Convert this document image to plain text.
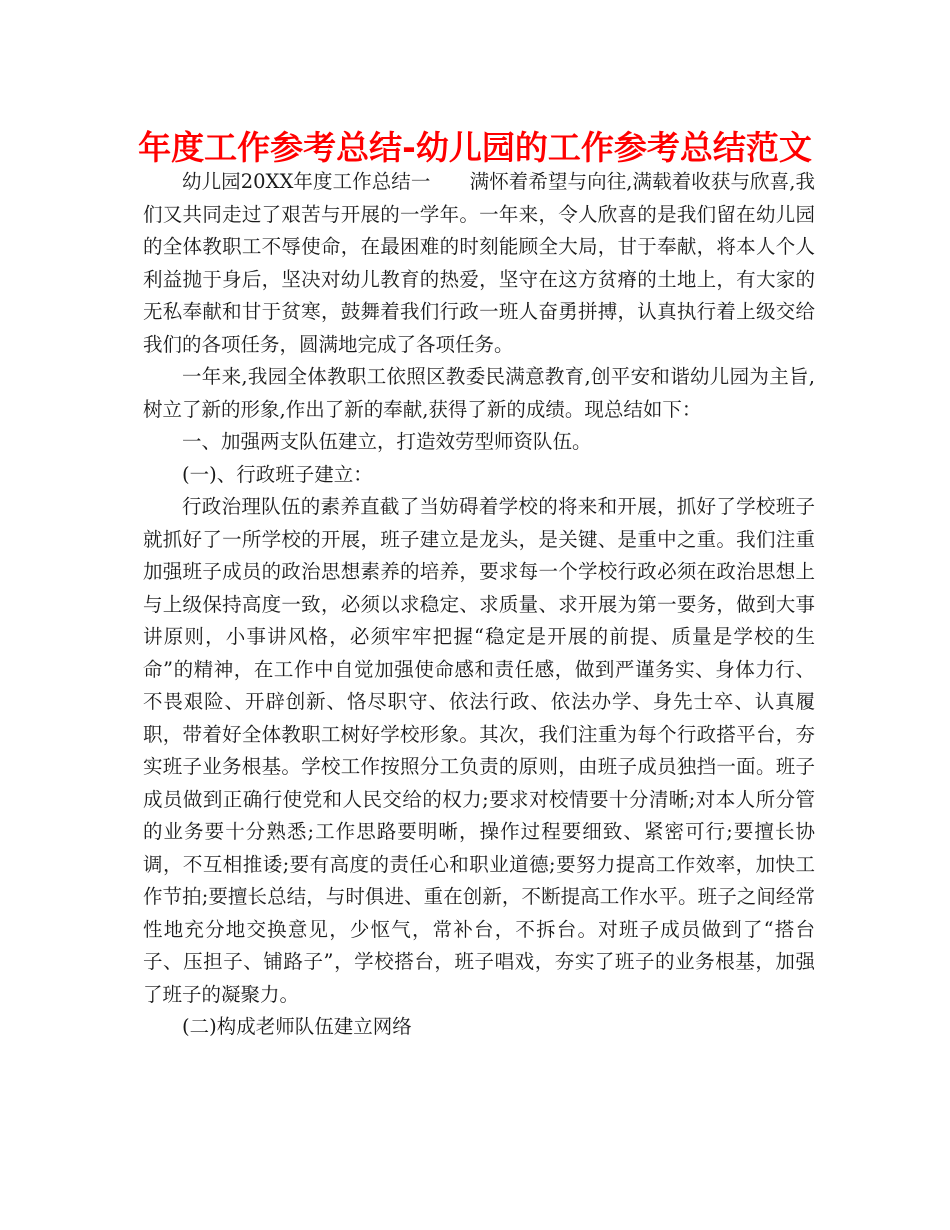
年度工作参考总结-幼儿园的工作参考总结范文

幼儿园20XX年度工作总结一　　满怀着希望与向往,满载着收获与欣喜,我们又共同走过了艰苦与开展的一学年。一年来，令人欣喜的是我们留在幼儿园的全体教职工不辱使命，在最困难的时刻能顾全大局，甘于奉献，将本人个人利益抛于身后，坚决对幼儿教育的热爱，坚守在这方贫瘠的土地上，有大家的无私奉献和甘于贫寒，鼓舞着我们行政一班人奋勇拼搏，认真执行着上级交给我们的各项任务，圆满地完成了各项任务。

一年来,我园全体教职工依照区教委民满意教育,创平安和谐幼儿园为主旨,树立了新的形象,作出了新的奉献,获得了新的成绩。现总结如下：

一、加强两支队伍建立，打造效劳型师资队伍。

(一)、行政班子建立：

行政治理队伍的素养直截了当妨碍着学校的将来和开展，抓好了学校班子就抓好了一所学校的开展，班子建立是龙头，是关键、是重中之重。我们注重加强班子成员的政治思想素养的培养，要求每一个学校行政必须在政治思想上与上级保持高度一致，必须以求稳定、求质量、求开展为第一要务，做到大事讲原则，小事讲风格，必须牢牢把握“稳定是开展的前提、质量是学校的生命”的精神，在工作中自觉加强使命感和责任感，做到严谨务实、身体力行、不畏艰险、开辟创新、恪尽职守、依法行政、依法办学、身先士卒、认真履职，带着好全体教职工树好学校形象。其次，我们注重为每个行政搭平台，夯实班子业务根基。学校工作按照分工负责的原则，由班子成员独挡一面。班子成员做到正确行使党和人民交给的权力;要求对校情要十分清晰;对本人所分管的业务要十分熟悉;工作思路要明晰，操作过程要细致、紧密可行;要擅长协调，不互相推诿;要有高度的责任心和职业道德;要努力提高工作效率，加快工作节拍;要擅长总结，与时俱进、重在创新，不断提高工作水平。班子之间经常性地充分地交换意见，少怄气，常补台，不拆台。对班子成员做到了“搭台子、压担子、铺路子”，学校搭台，班子唱戏，夯实了班子的业务根基，加强了班子的凝聚力。

(二)构成老师队伍建立网络
